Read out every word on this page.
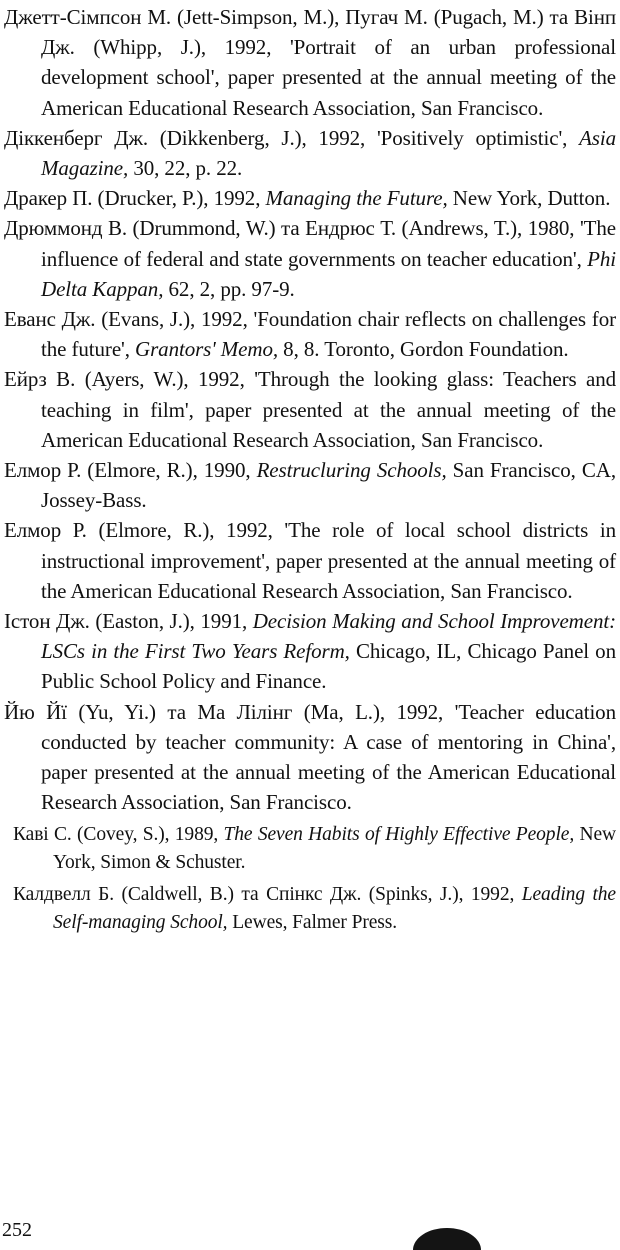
Джетт-Сімпсон М. (Jett-Simpson, M.), Пугач М. (Pugach, M.) та Вінп Дж. (Whipp, J.), 1992, 'Portrait of an urban professional development school', paper presented at the annual meeting of the American Educational Research Association, San Francisco.

Діккенберг Дж. (Dikkenberg, J.), 1992, 'Positively optimistic', Asia Magazine, 30, 22, p. 22.

Дракер П. (Drucker, P.), 1992, Managing the Future, New York, Dutton.

Дрюммонд В. (Drummond, W.) та Ендрюс Т. (Andrews, T.), 1980, 'The influence of federal and state governments on teacher education', Phi Delta Kappan, 62, 2, pp. 97-9.

Еванс Дж. (Evans, J.), 1992, 'Foundation chair reflects on challenges for the future', Grantors' Memo, 8, 8. Toronto, Gordon Foundation.

Ейрз В. (Ayers, W.), 1992, 'Through the looking glass: Teachers and teaching in film', paper presented at the annual meeting of the American Educational Research Association, San Francisco.

Елмор Р. (Elmore, R.), 1990, Restrucluring Schools, San Francisco, CA, Jossey-Bass.

Елмор Р. (Elmore, R.), 1992, 'The role of local school districts in instructional improvement', paper presented at the annual meeting of the American Educational Research Association, San Francisco.

Істон Дж. (Easton, J.), 1991, Decision Making and School Improvement: LSCs in the First Two Years Reform, Chicago, IL, Chicago Panel on Public School Policy and Finance.

Йю Йї (Yu, Yi.) та Ма Лілінг (Ma, L.), 1992, 'Teacher education conducted by teacher community: A case of mentoring in China', paper presented at the annual meeting of the American Educational Research Association, San Francisco.

Каві С. (Covey, S.), 1989, The Seven Habits of Highly Effective People, New York, Simon & Schuster.

Калдвелл Б. (Caldwell, B.) та Спінкс Дж. (Spinks, J.), 1992, Leading the Self-managing School, Lewes, Falmer Press.

252
